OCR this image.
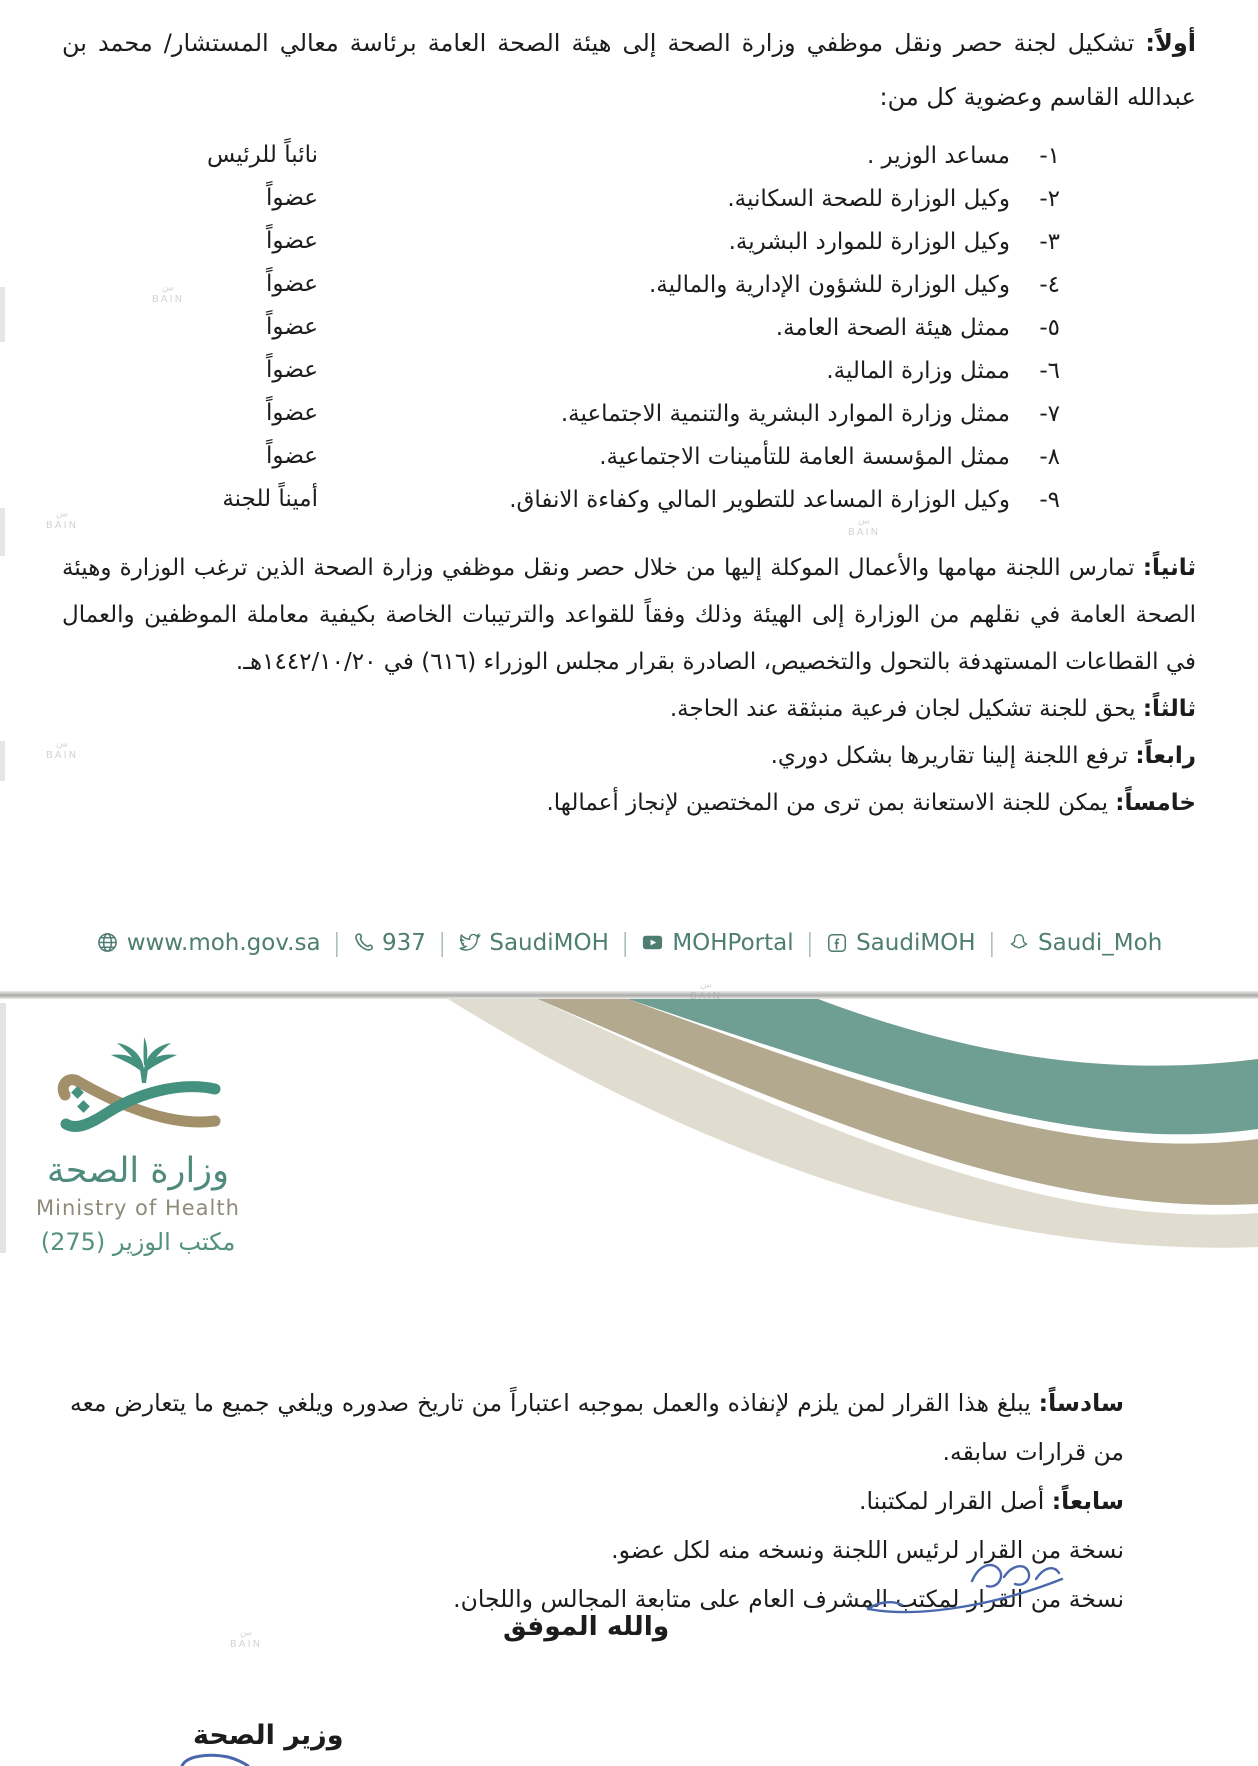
أولاً: تشكيل لجنة حصر ونقل موظفي وزارة الصحة إلى هيئة الصحة العامة برئاسة معالي المستشار/ محمد بن عبدالله القاسم وعضوية كل من:

١-
مساعد الوزير .
نائباً للرئيس
٢-
وكيل الوزارة للصحة السكانية.
عضواً
٣-
وكيل الوزارة للموارد البشرية.
عضواً
٤-
وكيل الوزارة للشؤون الإدارية والمالية.
عضواً
٥-
ممثل هيئة الصحة العامة.
عضواً
٦-
ممثل وزارة المالية.
عضواً
٧-
ممثل وزارة الموارد البشرية والتنمية الاجتماعية.
عضواً
٨-
ممثل المؤسسة العامة للتأمينات الاجتماعية.
عضواً
٩-
وكيل الوزارة المساعد للتطوير المالي وكفاءة الانفاق.
أميناً للجنة

ثانياً: تمارس اللجنة مهامها والأعمال الموكلة إليها من خلال حصر ونقل موظفي وزارة الصحة الذين ترغب الوزارة وهيئة الصحة العامة في نقلهم من الوزارة إلى الهيئة وذلك وفقاً للقواعد والترتيبات الخاصة بكيفية معاملة الموظفين والعمال في القطاعات المستهدفة بالتحول والتخصيص، الصادرة بقرار مجلس الوزراء (٦١٦) في ١٤٤٢/١٠/٢٠هـ.

ثالثاً: يحق للجنة تشكيل لجان فرعية منبثقة عند الحاجة.

رابعاً: ترفع اللجنة إلينا تقاريرها بشكل دوري.

خامساً: يمكن للجنة الاستعانة بمن ترى من المختصين لإنجاز أعمالها.

www.moh.gov.sa | 937 | SaudiMOH | MOHPortal | SaudiMOH | Saudi_Moh
وزارة الصحة
Ministry of Health
مكتب الوزير (275)

سادساً: يبلغ هذا القرار لمن يلزم لإنفاذه والعمل بموجبه اعتباراً من تاريخ صدوره ويلغي جميع ما يتعارض معه من قرارات سابقه.

سابعاً: أصل القرار لمكتبنا.

نسخة من القرار لرئيس اللجنة ونسخه منه لكل عضو.

نسخة من القرار لمكتب المشرف العام على متابعة المجالس واللجان.

والله الموفق
وزير الصحة
بين
BAIN
بين
BAIN	بين
BAIN
بين
BAIN
بين
BAIN
بين
BAIN
